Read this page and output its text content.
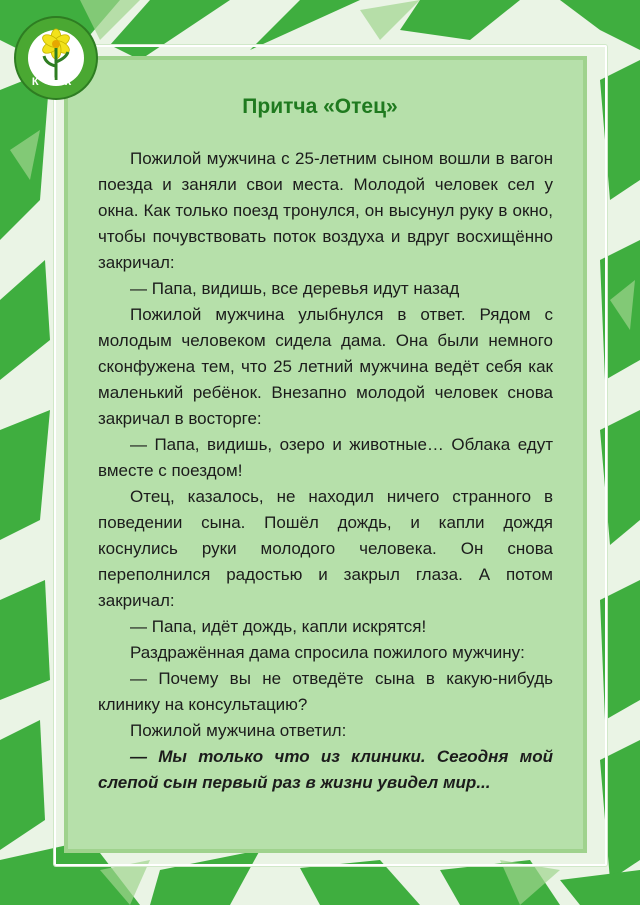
КПК
Притча «Отец»

Пожилой мужчина с 25-летним сыном вошли в вагон поезда и заняли свои места. Молодой человек сел у окна. Как только поезд тронулся, он высунул руку в окно, чтобы почувствовать поток воздуха и вдруг восхищённо закричал:

— Папа, видишь, все деревья идут назад

Пожилой мужчина улыбнулся в ответ. Рядом с молодым человеком сидела дама. Она были немного сконфужена тем, что 25 летний мужчина ведёт себя как маленький ребёнок. Внезапно молодой человек снова закричал в восторге:

— Папа, видишь, озеро и животные… Облака едут вместе с поездом!

Отец, казалось, не находил ничего странного в поведении сына. Пошёл дождь, и капли дождя коснулись руки молодого человека. Он снова переполнился радостью и закрыл глаза. А потом закричал:

— Папа, идёт дождь, капли искрятся!

Раздражённая дама спросила пожилого мужчину:

— Почему вы не отведёте сына в какую-нибудь клинику на консультацию?

Пожилой мужчина ответил:

— Мы только что из клиники. Сегодня мой слепой сын первый раз в жизни увидел мир...
